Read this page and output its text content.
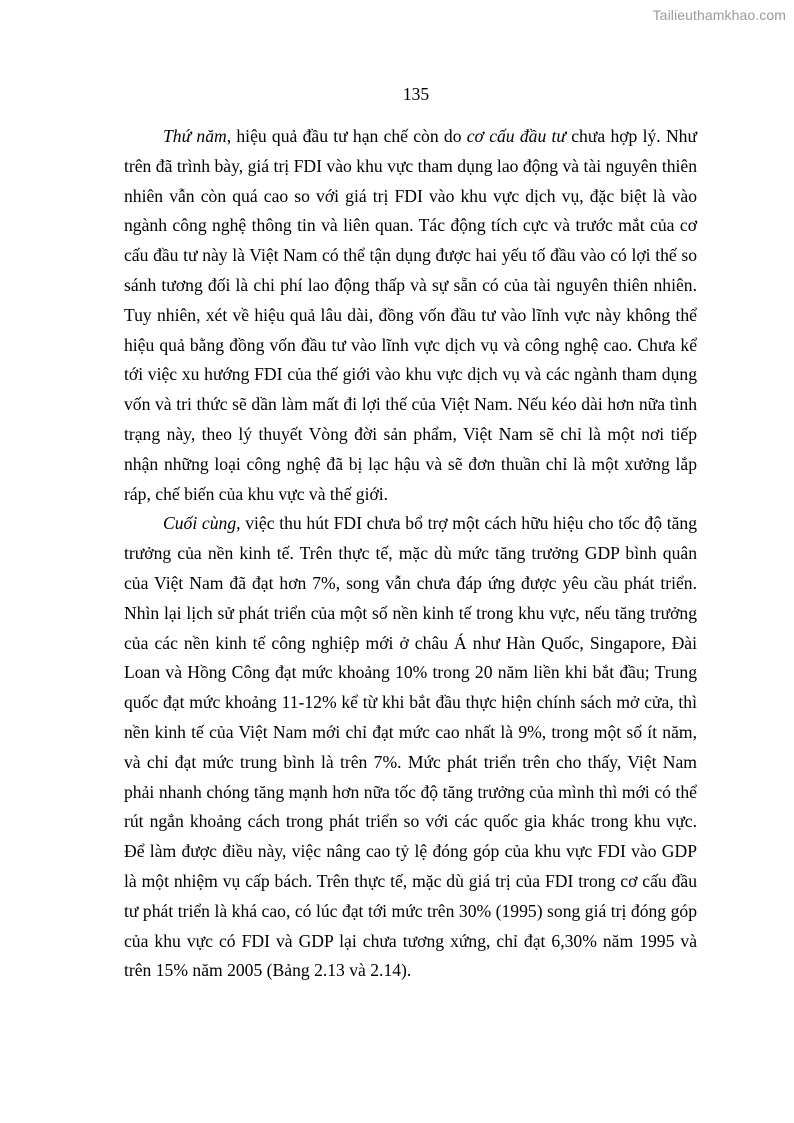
Tailieuthamkhao.com
135

Thứ năm, hiệu quả đầu tư hạn chế còn do cơ cấu đầu tư chưa hợp lý. Như trên đã trình bày, giá trị FDI vào khu vực tham dụng lao động và tài nguyên thiên nhiên vẫn còn quá cao so với giá trị FDI vào khu vực dịch vụ, đặc biệt là vào ngành công nghệ thông tin và liên quan. Tác động tích cực và trước mắt của cơ cấu đầu tư này là Việt Nam có thể tận dụng được hai yếu tố đầu vào có lợi thế so sánh tương đối là chi phí lao động thấp và sự sẵn có của tài nguyên thiên nhiên. Tuy nhiên, xét về hiệu quả lâu dài, đồng vốn đầu tư vào lĩnh vực này không thể hiệu quả bằng đồng vốn đầu tư vào lĩnh vực dịch vụ và công nghệ cao. Chưa kể tới việc xu hướng FDI của thế giới vào khu vực dịch vụ và các ngành tham dụng vốn và tri thức sẽ dần làm mất đi lợi thế của Việt Nam. Nếu kéo dài hơn nữa tình trạng này, theo lý thuyết Vòng đời sản phẩm, Việt Nam sẽ chỉ là một nơi tiếp nhận những loại công nghệ đã bị lạc hậu và sẽ đơn thuần chỉ là một xưởng lắp ráp, chế biến của khu vực và thế giới.

Cuối cùng, việc thu hút FDI chưa bổ trợ một cách hữu hiệu cho tốc độ tăng trưởng của nền kinh tế. Trên thực tế, mặc dù mức tăng trưởng GDP bình quân của Việt Nam đã đạt hơn 7%, song vẫn chưa đáp ứng được yêu cầu phát triển. Nhìn lại lịch sử phát triển của một số nền kinh tế trong khu vực, nếu tăng trưởng của các nền kinh tế công nghiệp mới ở châu Á như Hàn Quốc, Singapore, Đài Loan và Hồng Công đạt mức khoảng 10% trong 20 năm liền khi bắt đầu; Trung quốc đạt mức khoảng 11-12% kể từ khi bắt đầu thực hiện chính sách mở cửa, thì nền kinh tế của Việt Nam mới chỉ đạt mức cao nhất là 9%, trong một số ít năm, và chỉ đạt mức trung bình là trên 7%. Mức phát triển trên cho thấy, Việt Nam phải nhanh chóng tăng mạnh hơn nữa tốc độ tăng trưởng của mình thì mới có thể rút ngắn khoảng cách trong phát triển so với các quốc gia khác trong khu vực. Để làm được điều này, việc nâng cao tỷ lệ đóng góp của khu vực FDI vào GDP là một nhiệm vụ cấp bách. Trên thực tế, mặc dù giá trị của FDI trong cơ cấu đầu tư phát triển là khá cao, có lúc đạt tới mức trên 30% (1995) song giá trị đóng góp của khu vực có FDI và GDP lại chưa tương xứng, chỉ đạt 6,30% năm 1995 và trên 15% năm 2005 (Bảng 2.13 và 2.14).
